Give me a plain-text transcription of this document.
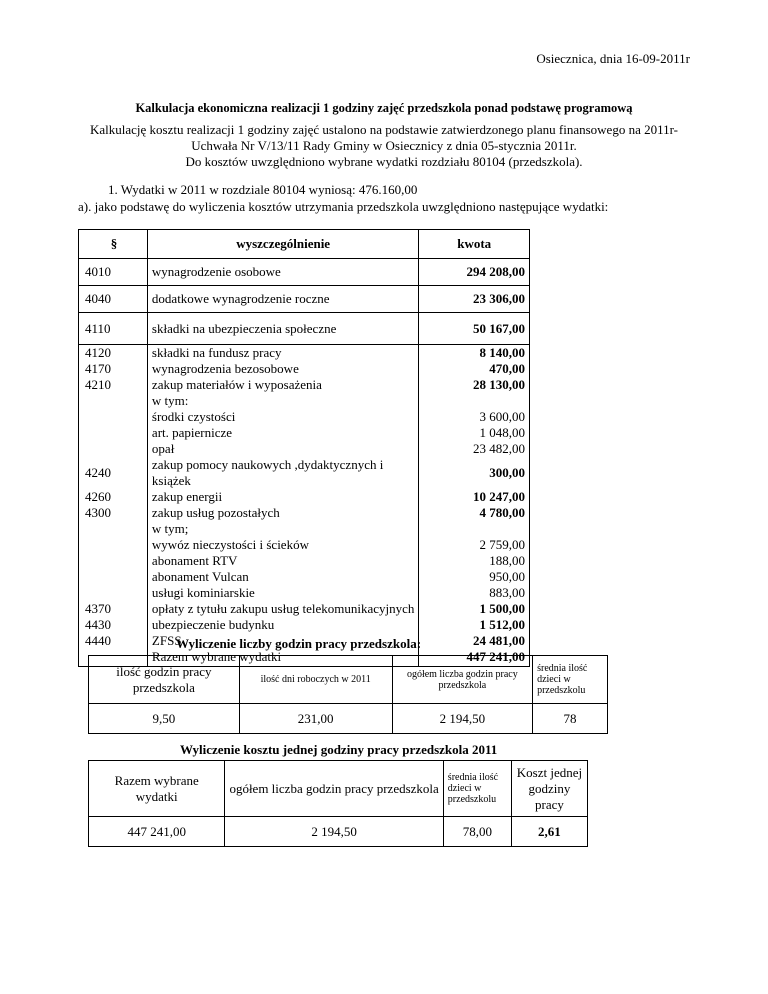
Osiecznica, dnia 16-09-2011r
Kalkulacja ekonomiczna realizacji 1 godziny zajęć przedszkola ponad podstawę programową
Kalkulację kosztu realizacji 1 godziny zajęć ustalono na podstawie zatwierdzonego planu finansowego na 2011r-
Uchwała Nr V/13/11 Rady Gminy w Osiecznicy z dnia 05-stycznia 2011r.
Do kosztów uwzględniono wybrane wydatki rozdziału 80104 (przedszkola).
1. Wydatki w 2011 w rozdziale 80104 wyniosą: 476.160,00
a). jako podstawę do wyliczenia kosztów utrzymania przedszkola uwzględniono następujące wydatki:
§	wyszczególnienie	kwota
4010	wynagrodzenie osobowe	294 208,00
4040	dodatkowe wynagrodzenie roczne	23 306,00
4110	składki na ubezpieczenia społeczne	50 167,00
4120	składki na fundusz pracy	8 140,00
4170	wynagrodzenia bezosobowe	470,00
4210	zakup materiałów i wyposażenia	28 130,00
	w tym:	
	środki czystości	3 600,00
	art. papiernicze	1 048,00
	opał	23 482,00
4240	zakup pomocy naukowych ,dydaktycznych i książek	300,00
4260	zakup energii	10 247,00
4300	zakup usług pozostałych	4 780,00
	w tym;	
	wywóz nieczystości i ścieków	2 759,00
	abonament RTV	188,00
	abonament Vulcan	950,00
	usługi kominiarskie	883,00
4370	opłaty z tytułu zakupu usług telekomunikacyjnych	1 500,00
4430	ubezpieczenie budynku	1 512,00
4440	ZFSS	24 481,00
	Razem wybrane wydatki	447 241,00
Wyliczenie liczby godzin pracy przedszkola:
ilość godzin pracy przedszkola	ilość dni roboczych w 2011	ogółem liczba godzin pracy przedszkola	średnia ilość dzieci w przedszkolu
9,50	231,00	2 194,50	78
Wyliczenie kosztu jednej godziny pracy przedszkola 2011
Razem wybrane wydatki	ogółem liczba godzin pracy przedszkola	średnia ilość dzieci w przedszkolu	Koszt jednej godziny pracy
447 241,00	2 194,50	78,00	2,61
